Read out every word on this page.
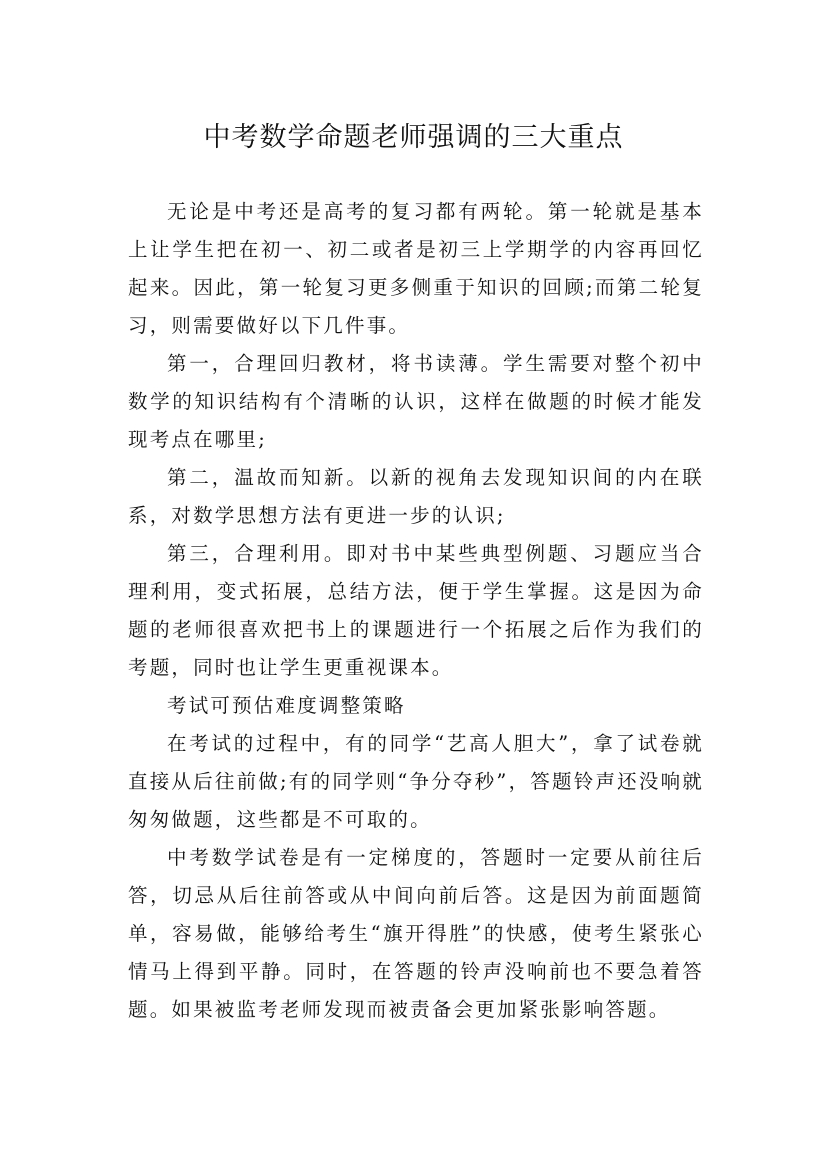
中考数学命题老师强调的三大重点

无论是中考还是高考的复习都有两轮。第一轮就是基本上让学生把在初一、初二或者是初三上学期学的内容再回忆起来。因此，第一轮复习更多侧重于知识的回顾;而第二轮复习，则需要做好以下几件事。

第一，合理回归教材，将书读薄。学生需要对整个初中数学的知识结构有个清晰的认识，这样在做题的时候才能发现考点在哪里;

第二，温故而知新。以新的视角去发现知识间的内在联系，对数学思想方法有更进一步的认识;

第三，合理利用。即对书中某些典型例题、习题应当合理利用，变式拓展，总结方法，便于学生掌握。这是因为命题的老师很喜欢把书上的课题进行一个拓展之后作为我们的考题，同时也让学生更重视课本。

考试可预估难度调整策略

在考试的过程中，有的同学“艺高人胆大”，拿了试卷就直接从后往前做;有的同学则“争分夺秒”，答题铃声还没响就匆匆做题，这些都是不可取的。

中考数学试卷是有一定梯度的，答题时一定要从前往后答，切忌从后往前答或从中间向前后答。这是因为前面题简单，容易做，能够给考生“旗开得胜”的快感，使考生紧张心情马上得到平静。同时，在答题的铃声没响前也不要急着答题。如果被监考老师发现而被责备会更加紧张影响答题。
